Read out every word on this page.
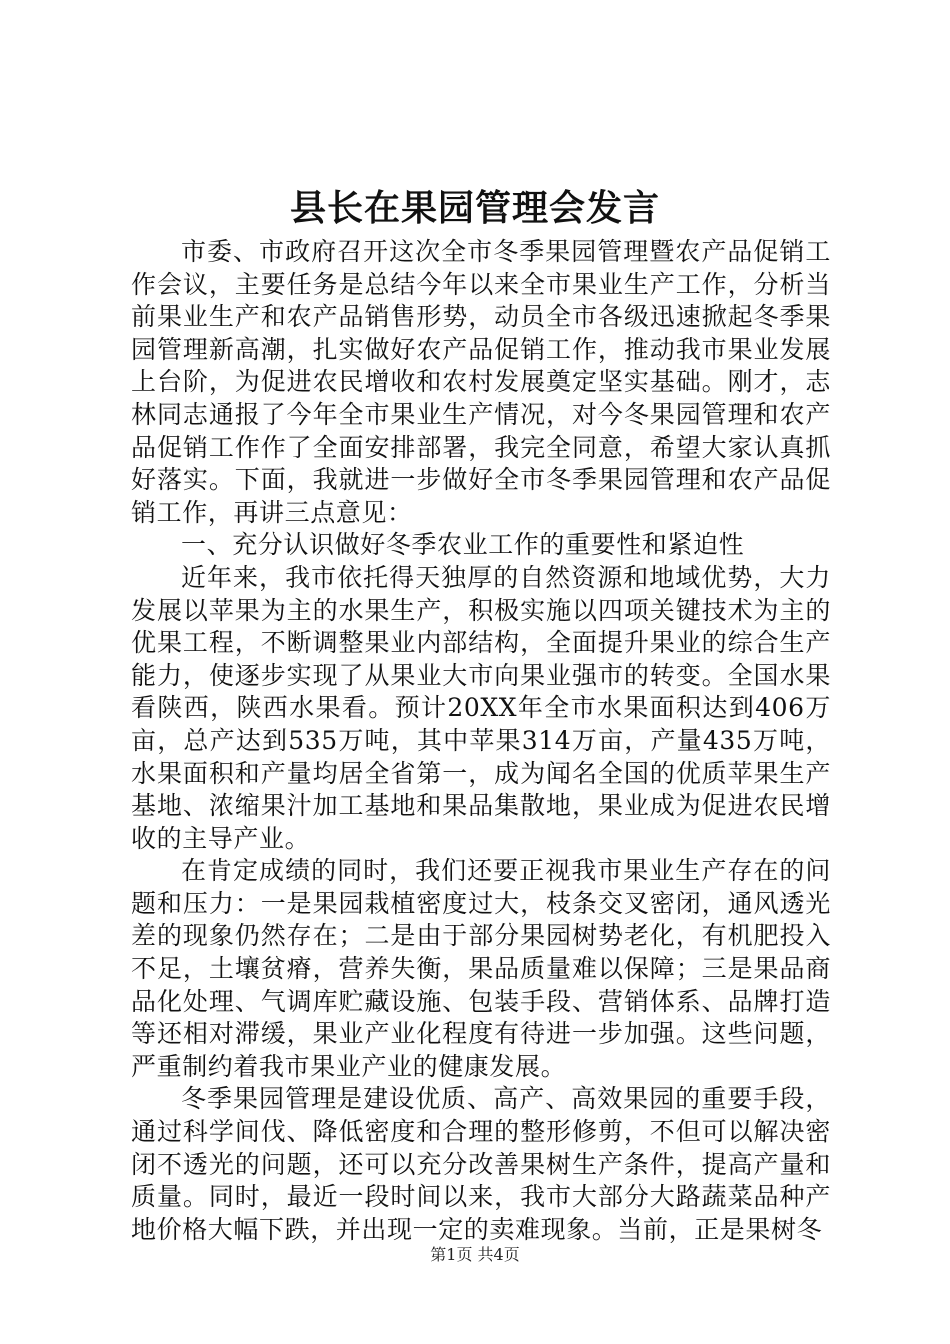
县长在果园管理会发言

市委、市政府召开这次全市冬季果园管理暨农产品促销工作会议，主要任务是总结今年以来全市果业生产工作，分析当前果业生产和农产品销售形势，动员全市各级迅速掀起冬季果园管理新高潮，扎实做好农产品促销工作，推动我市果业发展上台阶，为促进农民增收和农村发展奠定坚实基础。刚才，志林同志通报了今年全市果业生产情况，对今冬果园管理和农产品促销工作作了全面安排部署，我完全同意，希望大家认真抓好落实。下面，我就进一步做好全市冬季果园管理和农产品促销工作，再讲三点意见：

一、充分认识做好冬季农业工作的重要性和紧迫性

近年来，我市依托得天独厚的自然资源和地域优势，大力发展以苹果为主的水果生产，积极实施以四项关键技术为主的优果工程，不断调整果业内部结构，全面提升果业的综合生产能力，使逐步实现了从果业大市向果业强市的转变。全国水果看陕西，陕西水果看。预计20XX年全市水果面积达到406万亩，总产达到535万吨，其中苹果314万亩，产量435万吨，水果面积和产量均居全省第一，成为闻名全国的优质苹果生产基地、浓缩果汁加工基地和果品集散地，果业成为促进农民增收的主导产业。

在肯定成绩的同时，我们还要正视我市果业生产存在的问题和压力：一是果园栽植密度过大，枝条交叉密闭，通风透光差的现象仍然存在；二是由于部分果园树势老化，有机肥投入不足，土壤贫瘠，营养失衡，果品质量难以保障；三是果品商品化处理、气调库贮藏设施、包装手段、营销体系、品牌打造等还相对滞缓，果业产业化程度有待进一步加强。这些问题，严重制约着我市果业产业的健康发展。

冬季果园管理是建设优质、高产、高效果园的重要手段，通过科学间伐、降低密度和合理的整形修剪，不但可以解决密闭不透光的问题，还可以充分改善果树生产条件，提高产量和质量。同时，最近一段时间以来，我市大部分大路蔬菜品种产地价格大幅下跌，并出现一定的卖难现象。当前，正是果树冬

第1页 共4页
